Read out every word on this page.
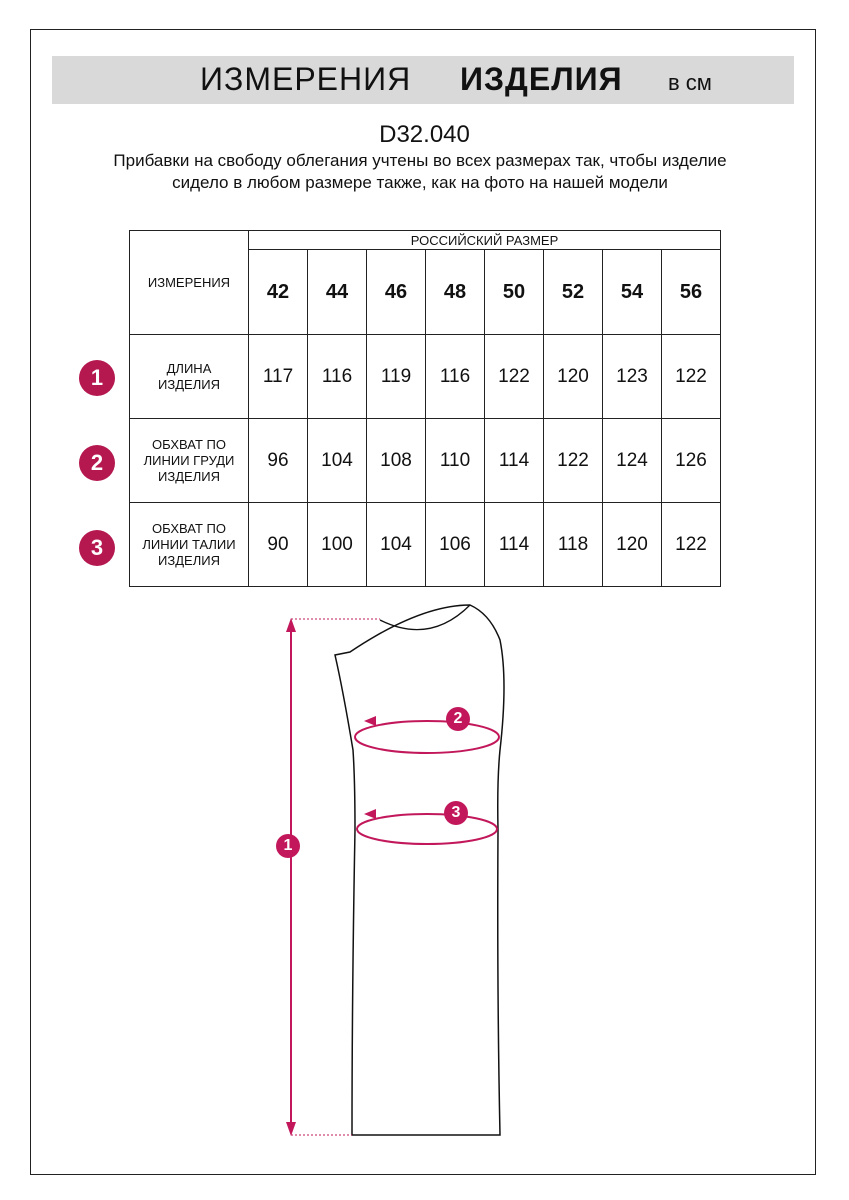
ИЗМЕРЕНИЯ ИЗДЕЛИЯ в см
D32.040
Прибавки на свободу облегания учтены во всех размерах так, чтобы изделие сидело в любом размере также, как на фото на нашей модели
ИЗМЕРЕНИЯ	РОССИЙСКИЙ РАЗМЕР							
	42	44	46	48	50	52	54	56

ДЛИНА
ИЗДЕЛИЯ	117	116	119	116	122	120	123	122

ОБХВАТ ПО
ЛИНИИ ГРУДИ
ИЗДЕЛИЯ	96	104	108	110	114	122	124	126

ОБХВАТ ПО
ЛИНИИ ТАЛИИ
ИЗДЕЛИЯ	90	100	104	106	114	118	120	122
1
2
3
1
2
3
